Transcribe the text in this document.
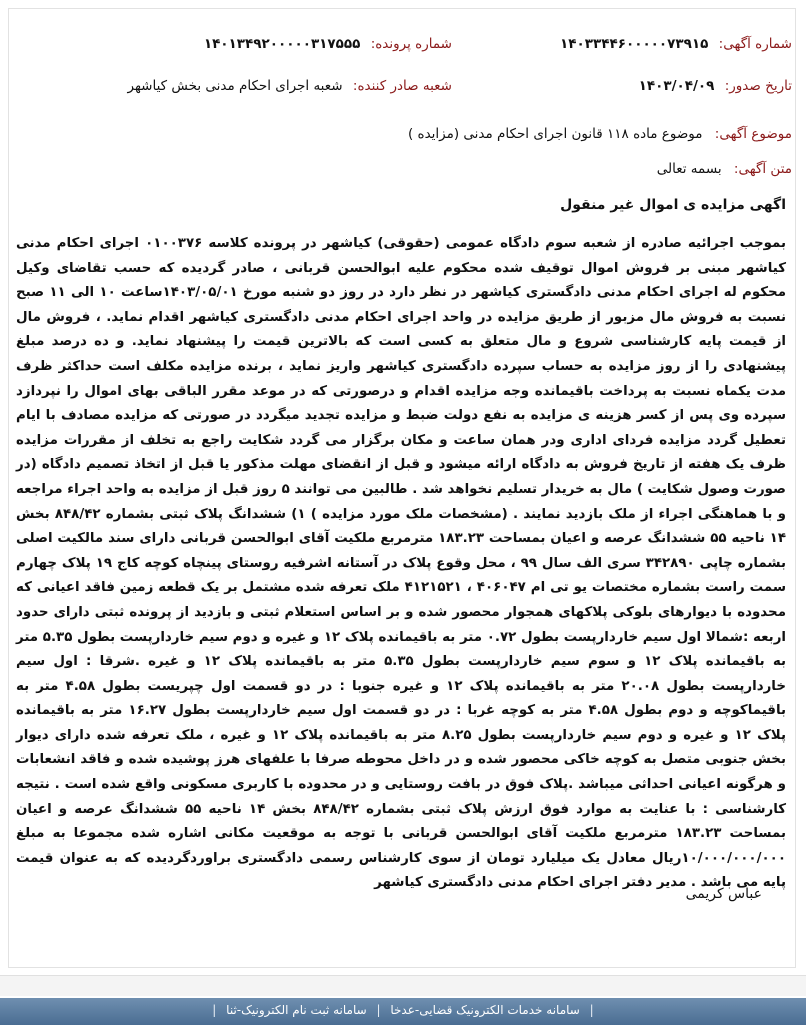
شماره آگهی: ۱۴۰۳۳۴۴۶۰۰۰۰۰۷۳۹۱۵
شماره پرونده: ۱۴۰۱۳۴۹۲۰۰۰۰۰۳۱۷۵۵۵
تاریخ صدور: ۱۴۰۳/۰۴/۰۹
شعبه صادر کننده: شعبه اجرای احکام مدنی بخش کیاشهر
موضوع آگهی: موضوع ماده ۱۱۸ قانون اجرای احکام مدنی (مزایده )
متن آگهی: بسمه تعالی
اگهی مزایده ی اموال غیر منقول
بموجب اجرائیه صادره از شعبه سوم دادگاه عمومی (حقوقی) کیاشهر در پرونده کلاسه ۰۱۰۰۳۷۶ اجرای احکام مدنی کیاشهر مبنی بر فروش اموال توقیف شده محکوم علیه ابوالحسن قربانی ، صادر گردیده که حسب تقاضای وکیل محکوم له اجرای احکام مدنی دادگستری کیاشهر در نظر دارد در روز دو شنبه مورخ ۱۴۰۳/۰۵/۰۱ساعت ۱۰ الی ۱۱ صبح نسبت به فروش مال مزبور از طریق مزایده در واحد اجرای احکام مدنی دادگستری کیاشهر اقدام نماید. ، فروش مال از قیمت پایه کارشناسی شروع و مال متعلق به کسی است که بالاترین قیمت را پیشنهاد نماید. و ده درصد مبلغ پیشنهادی را از روز مزایده به حساب سپرده دادگستری کیاشهر واریز نماید ، برنده مزایده مکلف است حداکثر ظرف مدت یکماه نسبت به پرداخت باقیمانده وجه مزایده اقدام و درصورتی که در موعد مقرر الباقی بهای اموال را نپردازد سپرده وی پس از کسر هزینه ی مزایده به نفع دولت ضبط و مزایده تجدید میگردد در صورتی که مزایده مصادف با ایام تعطیل گردد مزایده فردای اداری ودر همان ساعت و مکان برگزار می گردد شکایت راجع به تخلف از مقررات مزایده ظرف یک هفته از تاریخ فروش به دادگاه ارائه میشود و قبل از انقضای مهلت مذکور یا قبل از اتخاذ تصمیم دادگاه (در صورت وصول شکایت ) مال به خریدار تسلیم نخواهد شد . طالبین می توانند ۵ روز قبل از مزایده به واحد اجراء مراجعه و با هماهنگی اجراء از ملک بازدید نمایند . (مشخصات ملک مورد مزایده ) ۱) ششدانگ پلاک ثبتی بشماره ۸۴۸/۴۲ بخش ۱۴ ناحیه ۵۵ ششدانگ عرصه و اعیان بمساحت ۱۸۳.۲۳ مترمربع ملکیت آقای ابوالحسن قربانی دارای سند مالکیت اصلی بشماره چاپی ۳۴۲۸۹۰ سری الف سال ۹۹ ، محل وقوع پلاک در آستانه اشرفیه روستای پینچاه کوچه کاج ۱۹ پلاک چهارم سمت راست بشماره مختصات یو تی ام ۴۰۶۰۴۷ ، ۴۱۲۱۵۲۱ ملک تعرفه شده مشتمل بر یک قطعه زمین فاقد اعیانی که محدوده با دیوارهای بلوکی پلاکهای همجوار محصور شده و بر اساس استعلام ثبتی و بازدید از پرونده ثبتی دارای حدود اربعه :شمالا اول سیم خاردارپست بطول ۰.۷۲ متر به باقیمانده پلاک ۱۲ و غیره و دوم سیم خاردارپست بطول ۵.۳۵ متر به باقیمانده پلاک ۱۲ و سوم سیم خاردارپست بطول ۵.۳۵ متر به باقیمانده پلاک ۱۲ و غیره .شرقا : اول سیم خاردارپست بطول ۲۰.۰۸ متر به باقیمانده پلاک ۱۲ و غیره جنوبا : در دو قسمت اول چپریست بطول ۴.۵۸ متر به باقیماکوچه و دوم بطول ۴.۵۸ متر به کوچه غربا : در دو قسمت اول سیم خاردارپست بطول ۱۶.۲۷ متر به باقیمانده پلاک ۱۲ و غیره و دوم سیم خاردارپست بطول ۸.۲۵ متر به باقیمانده پلاک ۱۲ و غیره ، ملک تعرفه شده دارای دیوار بخش جنوبی متصل به کوچه خاکی محصور شده و در داخل محوطه صرفا با علفهای هرز پوشیده شده و فاقد انشعابات و هرگونه اعیانی احداثی میباشد .پلاک فوق در بافت روستایی و در محدوده با کاربری مسکونی واقع شده است . نتیجه کارشناسی : با عنایت به موارد فوق ارزش پلاک ثبتی بشماره ۸۴۸/۴۲ بخش ۱۴ ناحیه ۵۵ ششدانگ عرصه و اعیان بمساحت ۱۸۳.۲۳ مترمربع ملکیت آقای ابوالحسن قربانی با توجه به موقعیت مکانی اشاره شده مجموعا به مبلغ ۱۰/۰۰۰/۰۰۰/۰۰۰ریال معادل یک میلیارد تومان از سوی کارشناس رسمی دادگستری براوردگردیده که به عنوان قیمت پایه می باشد . مدیر دفتر اجرای احکام مدنی دادگستری کیاشهر
عباس کریمی
| سامانه خدمات الکترونیک قضایی-عدخا | سامانه ثبت نام الکترونیک-ثنا |
